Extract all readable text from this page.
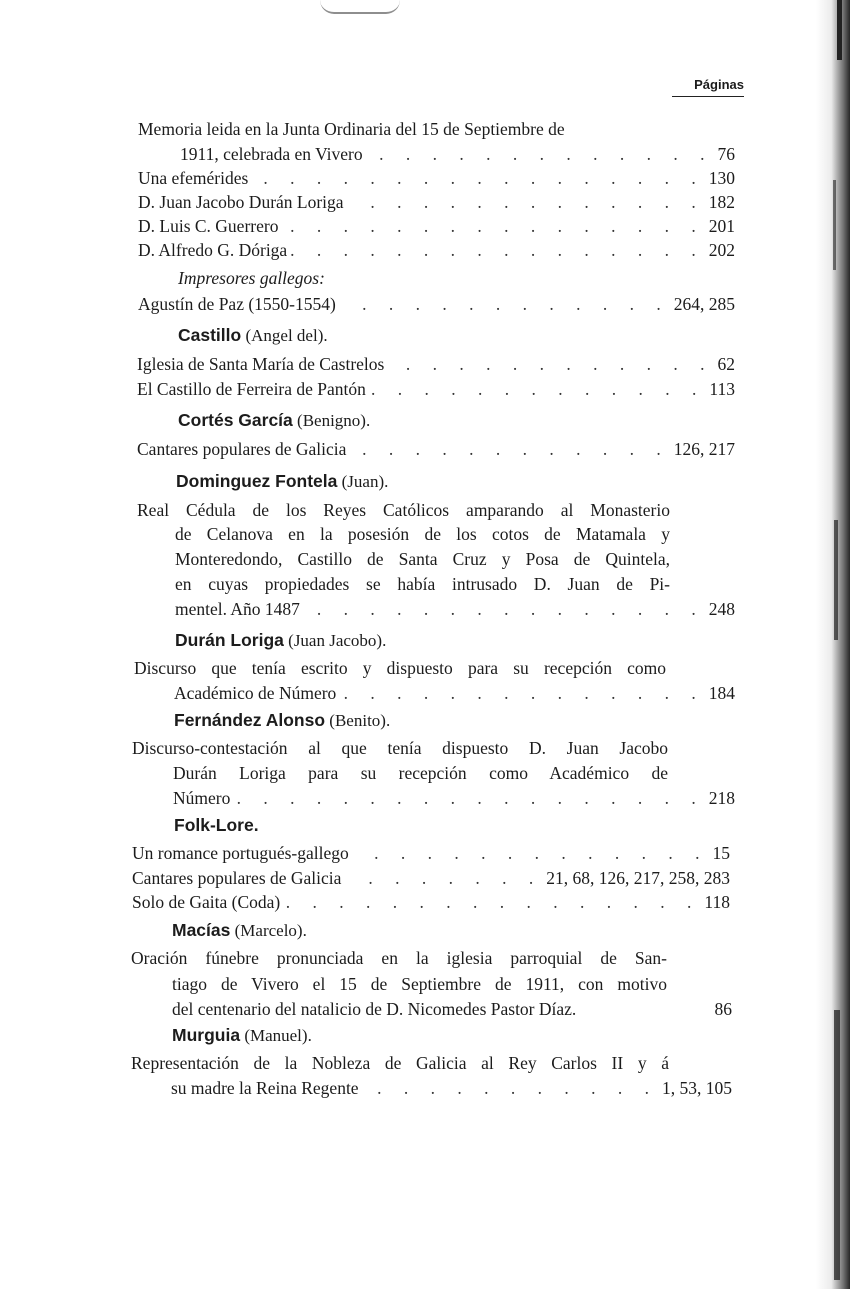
Páginas
Memoria leida en la Junta Ordinaria del 15 de Septiembre de
1911, celebrada en Vivero . . .	76
Una efemérides . . .	130
D. Juan Jacobo Durán Loriga . . .	182
D. Luis C. Guerrero . . .	201
D. Alfredo G. Dóriga . . .	202
Impresores gallegos:
Agustín de Paz (1550-1554) . . .	264, 285
Castillo (Angel del).
Iglesia de Santa María de Castrelos . . .	62
El Castillo de Ferreira de Pantón . . .	113
Cortés García (Benigno).
Cantares populares de Galicia . . .	126, 217
Dominguez Fontela (Juan).
Real Cédula de los Reyes Católicos amparando al Monasterio
de Celanova en la posesión de los cotos de Matamala y
Monteredondo, Castillo de Santa Cruz y Posa de Quintela,
en cuyas propiedades se había intrusado D. Juan de Pi-
mentel. Año 1487 . . .	248
Durán Loriga (Juan Jacobo).
Discurso que tenía escrito y dispuesto para su recepción como
Académico de Número . . .	184
Fernández Alonso (Benito).
Discurso-contestación al que tenía dispuesto D. Juan Jacobo
Durán Loriga para su recepción como Académico de
Número . . .	218
Folk-Lore.
Un romance portugués-gallego . . .	15
Cantares populares de Galicia . . .	21, 68, 126, 217, 258, 283
Solo de Gaita (Coda) . . .	118
Macías (Marcelo).
Oración fúnebre pronunciada en la iglesia parroquial de San-
tiago de Vivero el 15 de Septiembre de 1911, con motivo
del centenario del natalicio de D. Nicomedes Pastor Díaz.	86
Murguia (Manuel).
Representación de la Nobleza de Galicia al Rey Carlos II y á
su madre la Reina Regente . . .	1, 53, 105
